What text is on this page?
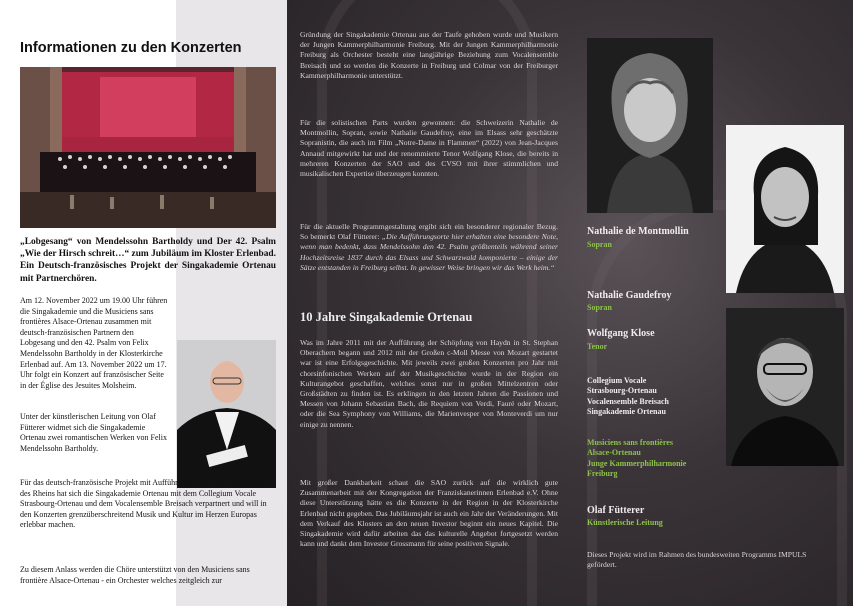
Informationen zu den Konzerten
„Lobgesang“ von Mendelssohn Bartholdy und Der 42. Psalm „Wie der Hirsch schreit…“ zum Jubiläum im Kloster Erlenbad. Ein Deutsch-französisches Projekt der Singakademie Ortenau mit Partnerchören.
Am 12. November 2022 um 19.00 Uhr führen die Singakademie und die Musiciens sans frontières Alsace-Ortenau zusammen mit deutsch-französischen Partnern den Lobgesang und den 42. Psalm von Felix Mendelssohn Bartholdy in der Klosterkirche Erlenbad auf. Am 13. November 2022 um 17. Uhr folgt ein Konzert auf französischer Seite in der Église des Jesuites Molsheim.
Unter der künstlerischen Leitung von Olaf Fütterer widmet sich die Singakademie Ortenau zwei romantischen Werken von Felix Mendelssohn Bartholdy.
Für das deutsch-französische Projekt mit Aufführungsorten dies- und jenseits des Rheins hat sich die Singakademie Ortenau mit dem Collegium Vocale Strasbourg-Ortenau und dem Vocalensemble Breisach verpartnert und will in den Konzerten grenzüberschreitend Musik und Kultur im Herzen Europas erlebbar machen.
Zu diesem Anlass werden die Chöre unterstützt von den Musiciens sans frontière Alsace-Ortenau - ein Orchester welches zeitgleich zur
Gründung der Singakademie Ortenau aus der Taufe gehoben wurde und Musikern der Jungen Kammerphilharmonie Freiburg. Mit der Jungen Kammerphilharmonie Freiburg als Orchester besteht eine langjährige Beziehung zum Vocalensemble Breisach und so werden die Konzerte in Freiburg und Colmar von der Freiburger Kammerphilharmonie unterstützt.
Für die solistischen Parts wurden gewonnen: die Schweizerin Nathalie de Montmollin, Sopran, sowie Nathalie Gaudefroy, eine im Elsass sehr geschätzte Sopranistin, die auch im Film „Notre-Dame in Flammen“ (2022) von Jean-Jacques Annaud mitgewirkt hat und der renommierte Tenor Wolfgang Klose, die bereits in mehreren Konzerten der SAO und des CVSO mit ihrer stimmlichen und musikalischen Expertise überzeugen konnten.
Für die aktuelle Programmgestaltung ergibt sich ein besonderer regionaler Bezug. So bemerkt Olaf Fütterer: „Die Aufführungsorte hier erhalten eine besondere Note, wenn man bedenkt, dass Mendelssohn den 42. Psalm größtenteils während seiner Hochzeitsreise 1837 durch das Elsass und Schwarzwald komponierte – einige der Sätze entstanden in Freiburg selbst. In gewisser Weise bringen wir das Werk heim.“
10 Jahre Singakademie Ortenau
Was im Jahre 2011 mit der Aufführung der Schöpfung von Haydn in St. Stephan Oberachern begann und 2012 mit der Großen c-Moll Messe von Mozart gestartet war ist eine Erfolgsgeschichte. Mit jeweils zwei großen Konzerten pro Jahr mit chorsinfonischen Werken auf der Musikgeschichte wurde in der Region ein Kulturangebot geschaffen, welches sonst nur in großen Mittelzentren oder Großstädten zu finden ist. Es erklingen in den letzten Jahren die Passionen und Messen von Johann Sebastian Bach, die Requiem von Verdi, Fauré oder Mozart, oder die Sea Symphony von Williams, die Marienvesper von Monteverdi um nur einige zu nennen.
Mit großer Dankbarkeit schaut die SAO zurück auf die wirklich gute Zusammenarbeit mit der Kongregation der Franziskanerinnen Erlenbad e.V. Ohne diese Unterstützung hätte es die Konzerte in der Region in der Klosterkirche Erlenbad nicht gegeben. Das Jubiläumsjahr ist auch ein Jahr der Veränderungen. Mit dem Verkauf des Klosters an den neuen Investor beginnt ein neues Kapitel. Die Singakademie wird dafür arbeiten das das kulturelle Angebot fortgesetzt werden kann und dankt dem Investor Grossmann für seine positiven Signale.
Nathalie de Montmollin
Sopran
Nathalie Gaudefroy
Sopran
Wolfgang Klose
Tenor
Collegium Vocale
Strasbourg-Ortenau
Vocalensemble Breisach
Singakademie Ortenau
Musiciens sans frontières
Alsace-Ortenau
Junge Kammerphilharmonie
Freiburg
Olaf Fütterer
Künstlerische Leitung
Dieses Projekt wird im Rahmen des bundesweiten Programms IMPULS gefördert.
